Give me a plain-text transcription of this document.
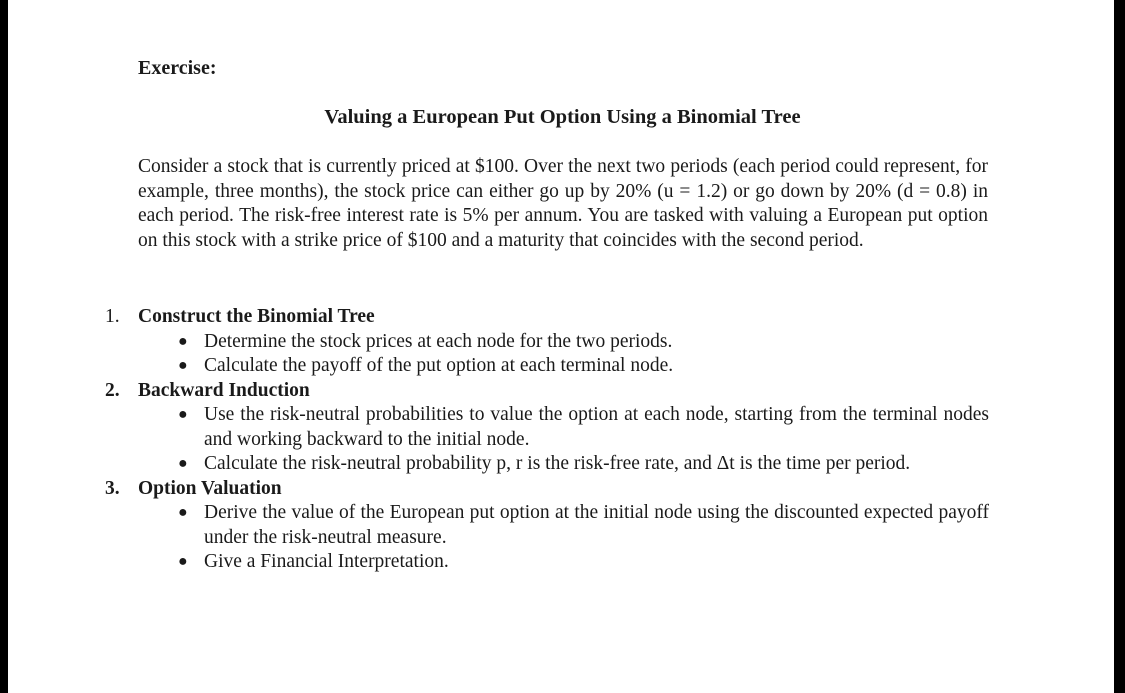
Exercise:

Valuing a European Put Option Using a Binomial Tree

Consider a stock that is currently priced at $100. Over the next two periods (each period could represent, for example, three months), the stock price can either go up by 20% (u = 1.2) or go down by 20% (d = 0.8) in each period. The risk-free interest rate is 5% per annum. You are tasked with valuing a European put option on this stock with a strike price of $100 and a maturity that coincides with the second period.

1. Construct the Binomial Tree
● Determine the stock prices at each node for the two periods.
● Calculate the payoff of the put option at each terminal node.
2. Backward Induction
● Use the risk-neutral probabilities to value the option at each node, starting from the terminal nodes and working backward to the initial node.
● Calculate the risk-neutral probability p, r is the risk-free rate, and Δt is the time per period.
3. Option Valuation
● Derive the value of the European put option at the initial node using the discounted expected payoff under the risk-neutral measure.
● Give a Financial Interpretation.
